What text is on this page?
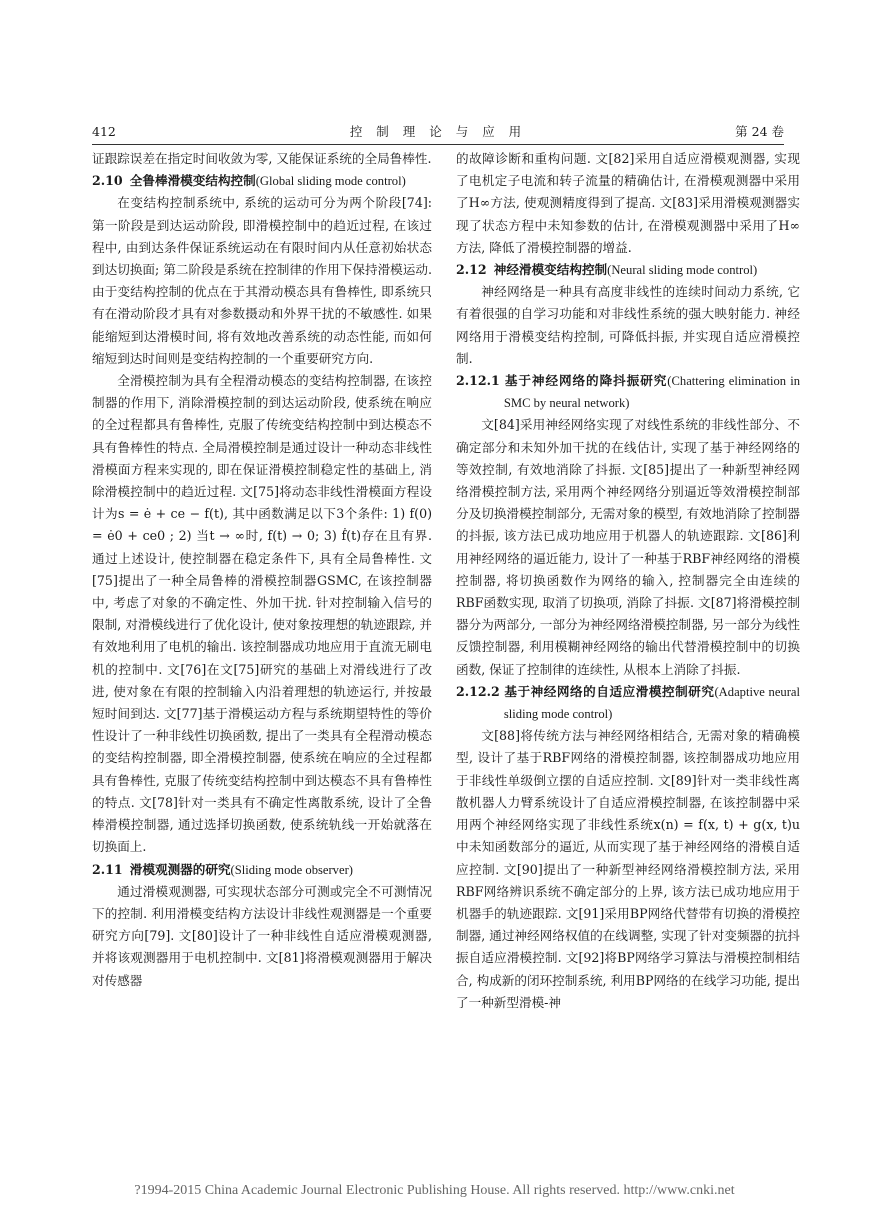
412	控 制 理 论 与 应 用	第 24 卷

证跟踪误差在指定时间收敛为零, 又能保证系统的全局鲁棒性.

2.10 全鲁棒滑模变结构控制(Global sliding mode control)

在变结构控制系统中, 系统的运动可分为两个阶段[74]: 第一阶段是到达运动阶段, 即滑模控制中的趋近过程, 在该过程中, 由到达条件保证系统运动在有限时间内从任意初始状态到达切换面; 第二阶段是系统在控制律的作用下保持滑模运动. 由于变结构控制的优点在于其滑动模态具有鲁棒性, 即系统只有在滑动阶段才具有对参数摄动和外界干扰的不敏感性. 如果能缩短到达滑模时间, 将有效地改善系统的动态性能, 而如何缩短到达时间则是变结构控制的一个重要研究方向.

全滑模控制为具有全程滑动模态的变结构控制器, 在该控制器的作用下, 消除滑模控制的到达运动阶段, 使系统在响应的全过程都具有鲁棒性, 克服了传统变结构控制中到达模态不具有鲁棒性的特点. 全局滑模控制是通过设计一种动态非线性滑模面方程来实现的, 即在保证滑模控制稳定性的基础上, 消除滑模控制中的趋近过程. 文[75]将动态非线性滑模面方程设计为s = ė + ce − f(t), 其中函数满足以下3个条件: 1) f(0) = ė0 + ce0 ; 2) 当t → ∞时, f(t) → 0; 3) ḟ(t)存在且有界. 通过上述设计, 使控制器在稳定条件下, 具有全局鲁棒性. 文[75]提出了一种全局鲁棒的滑模控制器GSMC, 在该控制器中, 考虑了对象的不确定性、外加干扰. 针对控制输入信号的限制, 对滑模线进行了优化设计, 使对象按理想的轨迹跟踪, 并有效地利用了电机的输出. 该控制器成功地应用于直流无刷电机的控制中. 文[76]在文[75]研究的基础上对滑线进行了改进, 使对象在有限的控制输入内沿着理想的轨迹运行, 并按最短时间到达. 文[77]基于滑模运动方程与系统期望特性的等价性设计了一种非线性切换函数, 提出了一类具有全程滑动模态的变结构控制器, 即全滑模控制器, 使系统在响应的全过程都具有鲁棒性, 克服了传统变结构控制中到达模态不具有鲁棒性的特点. 文[78]针对一类具有不确定性离散系统, 设计了全鲁棒滑模控制器, 通过选择切换函数, 使系统轨线一开始就落在切换面上.

2.11 滑模观测器的研究(Sliding mode observer)

通过滑模观测器, 可实现状态部分可测或完全不可测情况下的控制. 利用滑模变结构方法设计非线性观测器是一个重要研究方向[79]. 文[80]设计了一种非线性自适应滑模观测器, 并将该观测器用于电机控制中. 文[81]将滑模观测器用于解决对传感器

的故障诊断和重构问题. 文[82]采用自适应滑模观测器, 实现了电机定子电流和转子流量的精确估计, 在滑模观测器中采用了H∞方法, 使观测精度得到了提高. 文[83]采用滑模观测器实现了状态方程中未知参数的估计, 在滑模观测器中采用了H∞方法, 降低了滑模控制器的增益.

2.12 神经滑模变结构控制(Neural sliding mode control)

神经网络是一种具有高度非线性的连续时间动力系统, 它有着很强的自学习功能和对非线性系统的强大映射能力. 神经网络用于滑模变结构控制, 可降低抖振, 并实现自适应滑模控制.

2.12.1 基于神经网络的降抖振研究(Chattering elimination in SMC by neural network)

文[84]采用神经网络实现了对线性系统的非线性部分、不确定部分和未知外加干扰的在线估计, 实现了基于神经网络的等效控制, 有效地消除了抖振. 文[85]提出了一种新型神经网络滑模控制方法, 采用两个神经网络分别逼近等效滑模控制部分及切换滑模控制部分, 无需对象的模型, 有效地消除了控制器的抖振, 该方法已成功地应用于机器人的轨迹跟踪. 文[86]利用神经网络的逼近能力, 设计了一种基于RBF神经网络的滑模控制器, 将切换函数作为网络的输入, 控制器完全由连续的RBF函数实现, 取消了切换项, 消除了抖振. 文[87]将滑模控制器分为两部分, 一部分为神经网络滑模控制器, 另一部分为线性反馈控制器, 利用模糊神经网络的输出代替滑模控制中的切换函数, 保证了控制律的连续性, 从根本上消除了抖振.

2.12.2 基于神经网络的自适应滑模控制研究(Adaptive neural sliding mode control)

文[88]将传统方法与神经网络相结合, 无需对象的精确模型, 设计了基于RBF网络的滑模控制器, 该控制器成功地应用于非线性单级倒立摆的自适应控制. 文[89]针对一类非线性离散机器人力臂系统设计了自适应滑模控制器, 在该控制器中采用两个神经网络实现了非线性系统x(n) = f(x, t) + g(x, t)u中未知函数部分的逼近, 从而实现了基于神经网络的滑模自适应控制. 文[90]提出了一种新型神经网络滑模控制方法, 采用RBF网络辨识系统不确定部分的上界, 该方法已成功地应用于机器手的轨迹跟踪. 文[91]采用BP网络代替带有切换的滑模控制器, 通过神经网络权值的在线调整, 实现了针对变频器的抗抖振自适应滑模控制. 文[92]将BP网络学习算法与滑模控制相结合, 构成新的闭环控制系统, 利用BP网络的在线学习功能, 提出了一种新型滑模-神

?1994-2015 China Academic Journal Electronic Publishing House. All rights reserved. http://www.cnki.net
